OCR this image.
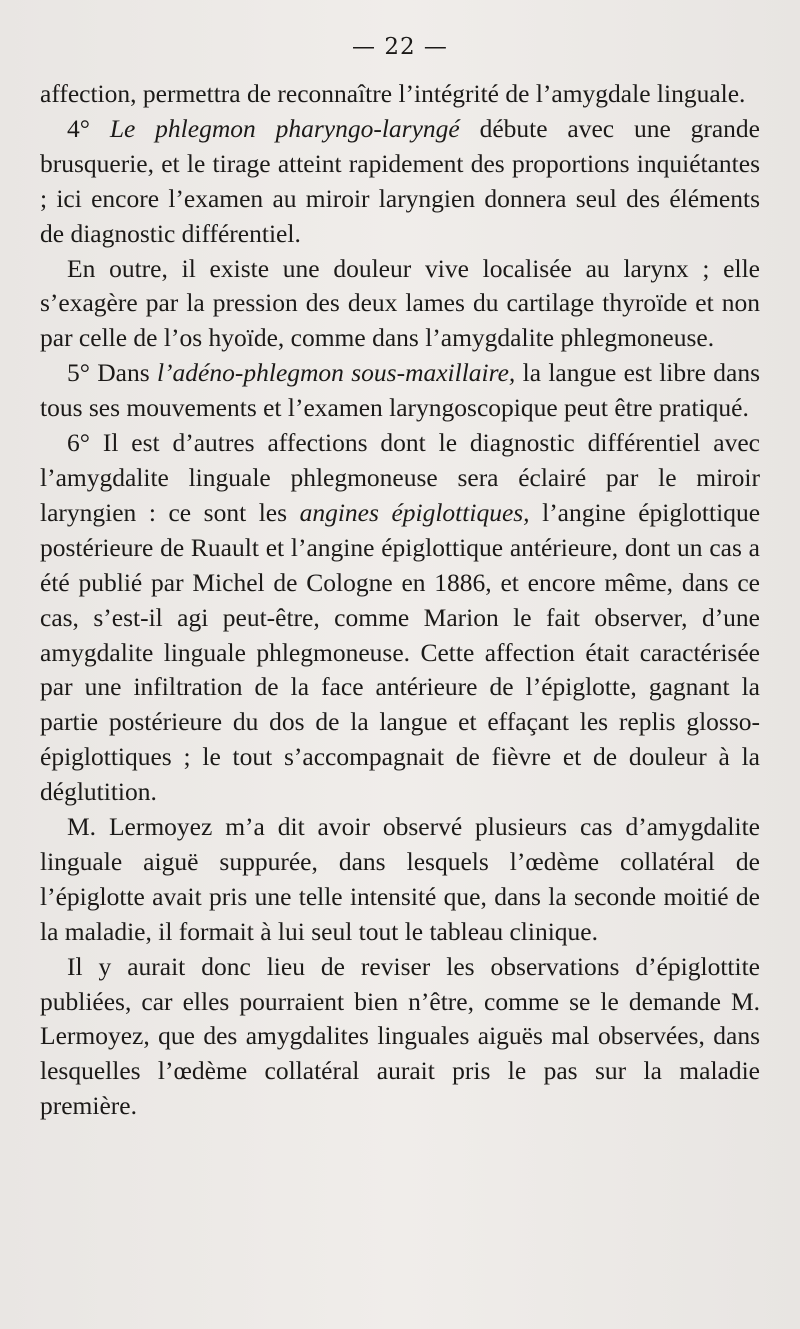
— 22 —

affection, permettra de reconnaître l’intégrité de l’amygdale linguale.

4° Le phlegmon pharyngo-laryngé débute avec une grande brusquerie, et le tirage atteint rapidement des proportions inquiétantes ; ici encore l’examen au miroir laryngien donnera seul des éléments de diagnostic différentiel.

En outre, il existe une douleur vive localisée au larynx ; elle s’exagère par la pression des deux lames du cartilage thyroïde et non par celle de l’os hyoïde, comme dans l’amygdalite phlegmoneuse.

5° Dans l’adéno-phlegmon sous-maxillaire, la langue est libre dans tous ses mouvements et l’examen laryngoscopique peut être pratiqué.

6° Il est d’autres affections dont le diagnostic différentiel avec l’amygdalite linguale phlegmoneuse sera éclairé par le miroir laryngien : ce sont les angines épiglottiques, l’angine épiglottique postérieure de Ruault et l’angine épiglottique antérieure, dont un cas a été publié par Michel de Cologne en 1886, et encore même, dans ce cas, s’est-il agi peut-être, comme Marion le fait observer, d’une amygdalite linguale phlegmoneuse. Cette affection était caractérisée par une infiltration de la face antérieure de l’épiglotte, gagnant la partie postérieure du dos de la langue et effaçant les replis glosso-épiglottiques ; le tout s’accompagnait de fièvre et de douleur à la déglutition.

M. Lermoyez m’a dit avoir observé plusieurs cas d’amygdalite linguale aiguë suppurée, dans lesquels l’œdème collatéral de l’épiglotte avait pris une telle intensité que, dans la seconde moitié de la maladie, il formait à lui seul tout le tableau clinique.

Il y aurait donc lieu de reviser les observations d’épiglottite publiées, car elles pourraient bien n’être, comme se le demande M. Lermoyez, que des amygdalites linguales aiguës mal observées, dans lesquelles l’œdème collatéral aurait pris le pas sur la maladie première.
